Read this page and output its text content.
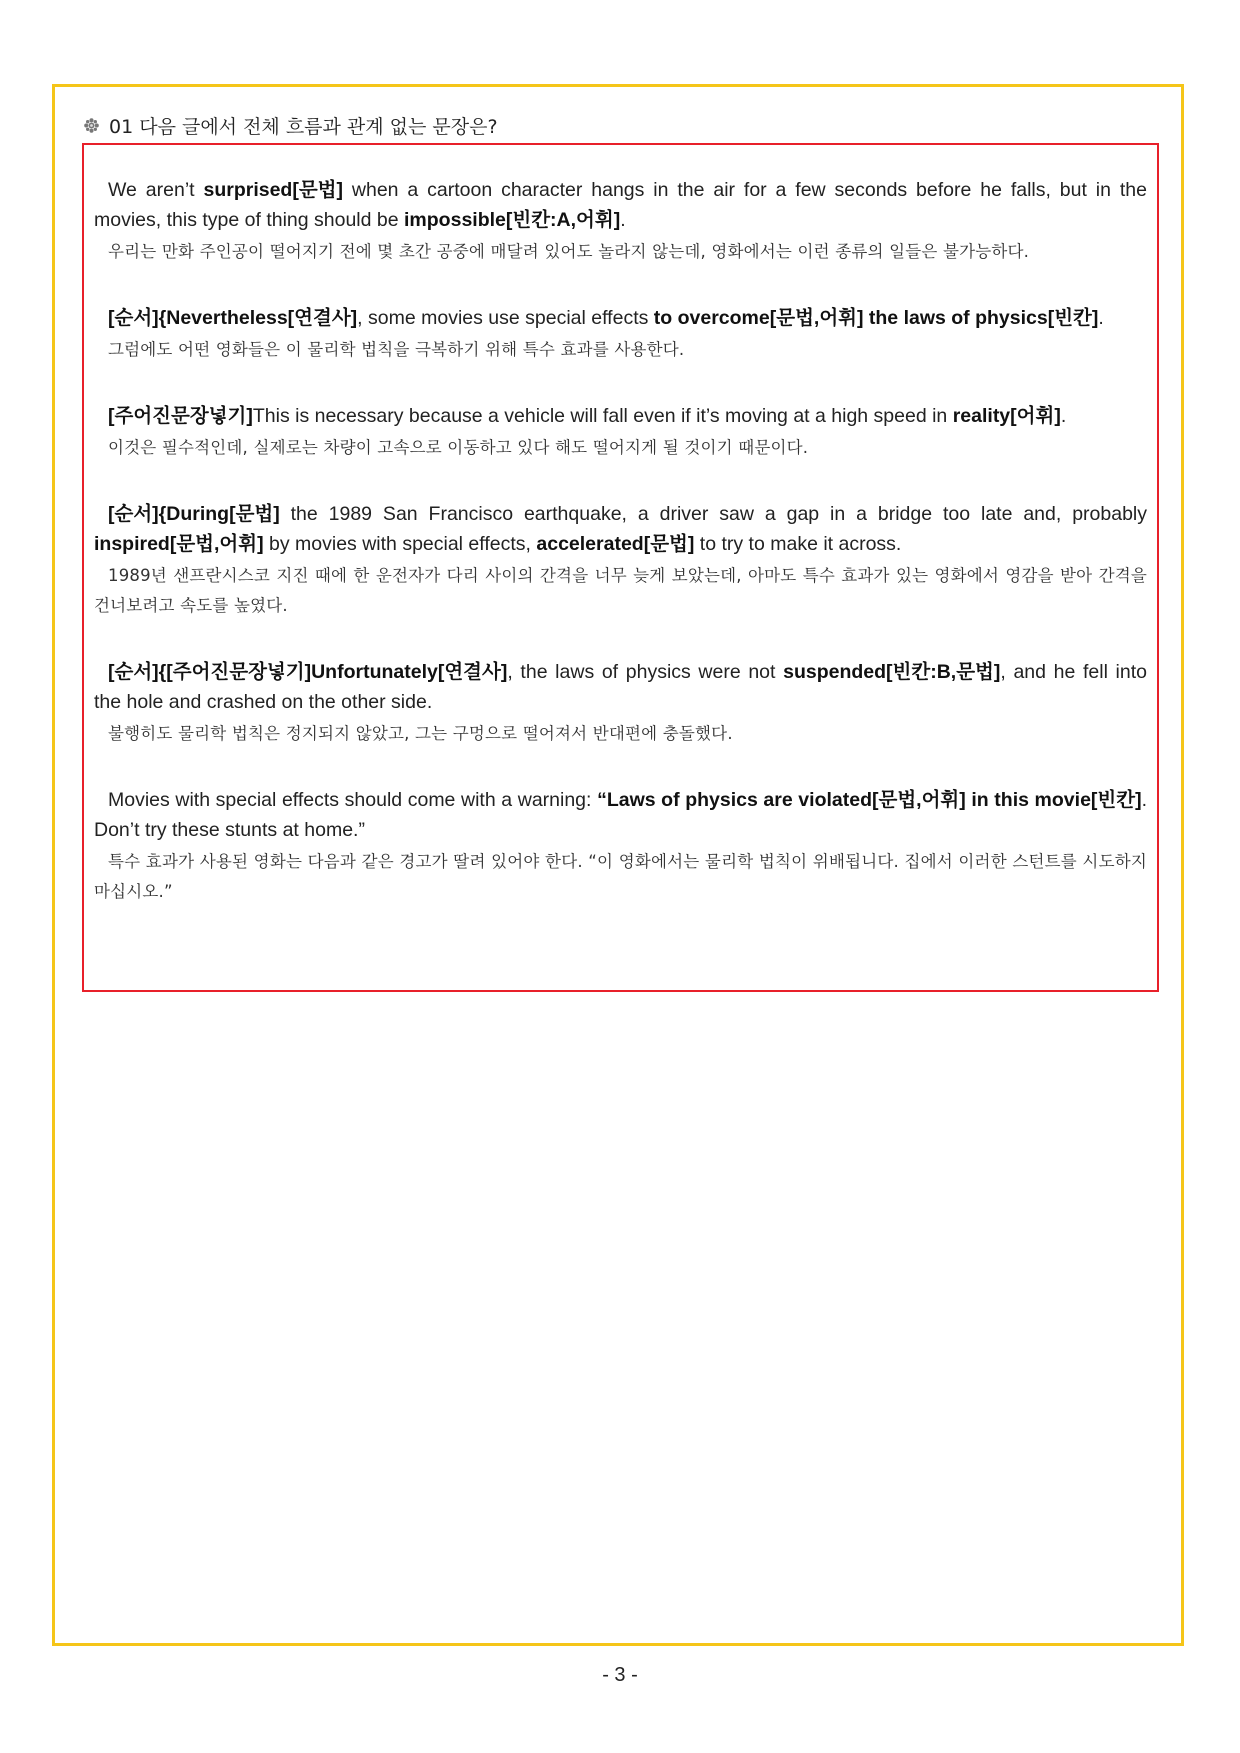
01 다음 글에서 전체 흐름과 관계 없는 문장은?
We aren’t surprised[문법] when a cartoon character hangs in the air for a few seconds before he falls, but in the movies, this type of thing should be impossible[빈칸:A,어휘].
우리는 만화 주인공이 떨어지기 전에 몇 초간 공중에 매달려 있어도 놀라지 않는데, 영화에서는 이런 종류의 일들은 불가능하다.
[순서]{Nevertheless[연결사], some movies use special effects to overcome[문법,어휘] the laws of physics[빈칸].
그럼에도 어떤 영화들은 이 물리학 법칙을 극복하기 위해 특수 효과를 사용한다.
[주어진문장넣기]This is necessary because a vehicle will fall even if it’s moving at a high speed in reality[어휘].
이것은 필수적인데, 실제로는 차량이 고속으로 이동하고 있다 해도 떨어지게 될 것이기 때문이다.
[순서]{During[문법] the 1989 San Francisco earthquake, a driver saw a gap in a bridge too late and, probably inspired[문법,어휘] by movies with special effects, accelerated[문법] to try to make it across.
1989년 샌프란시스코 지진 때에 한 운전자가 다리 사이의 간격을 너무 늦게 보았는데, 아마도 특수 효과가 있는 영화에서 영감을 받아 간격을 건너보려고 속도를 높였다.
[순서]{[주어진문장넣기]Unfortunately[연결사], the laws of physics were not suspended[빈칸:B,문법], and he fell into the hole and crashed on the other side.
불행히도 물리학 법칙은 정지되지 않았고, 그는 구멍으로 떨어져서 반대편에 충돌했다.
Movies with special effects should come with a warning: “Laws of physics are violated[문법,어휘] in this movie[빈칸]. Don’t try these stunts at home.”
특수 효과가 사용된 영화는 다음과 같은 경고가 딸려 있어야 한다. “이 영화에서는 물리학 법칙이 위배됩니다. 집에서 이러한 스턴트를 시도하지 마십시오.”
- 3 -
